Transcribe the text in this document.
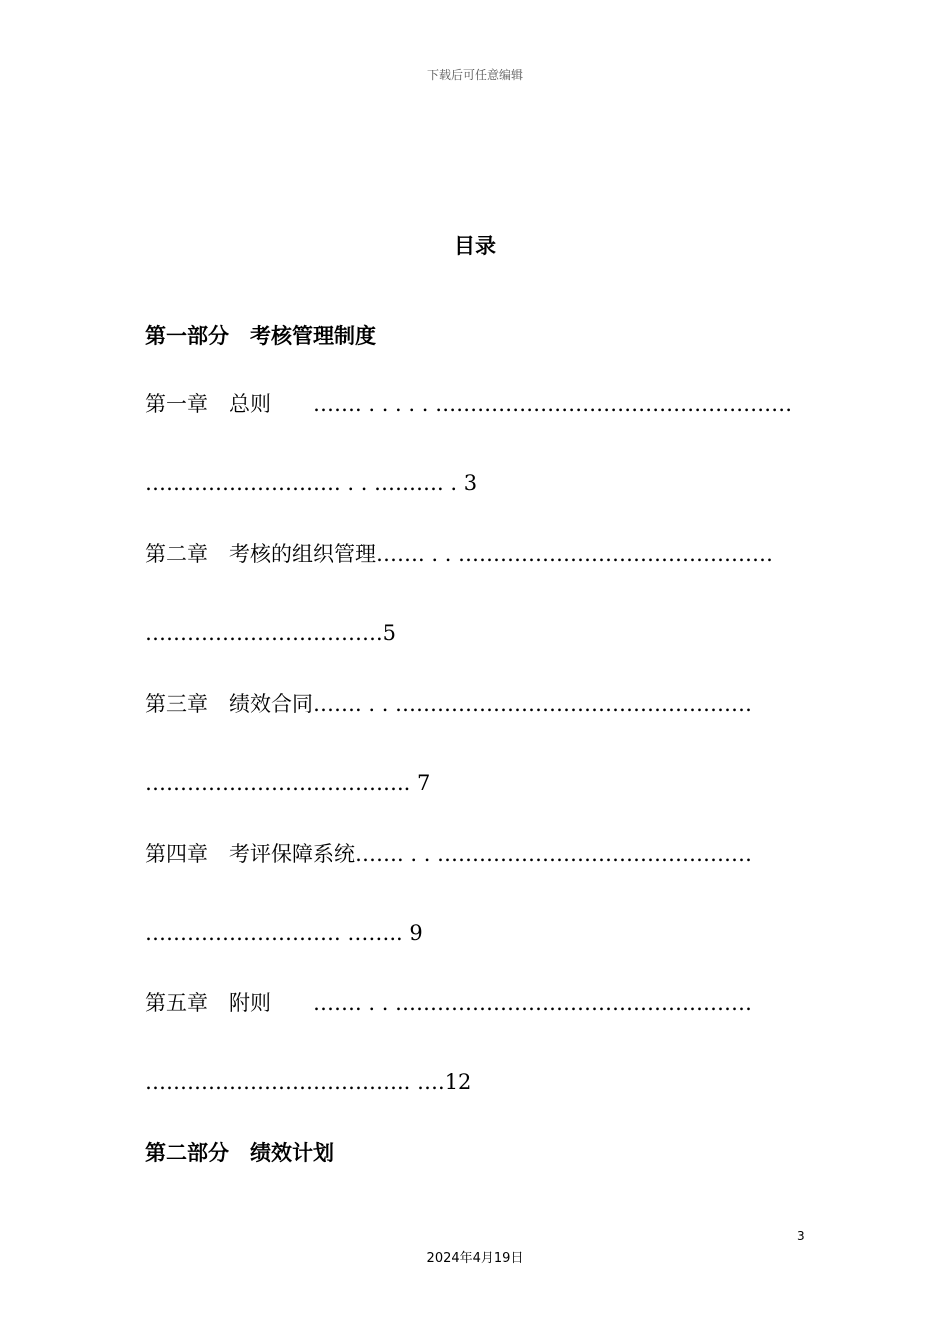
下载后可任意编辑
目录
第一部分　考核管理制度
第一章　总则　　……. . . . . . ……………………………………………
………………………. . . ………. . 3
第二章　考核的组织管理……. . . ………………………………………
…………………………….5
第三章　绩效合同……. . . ……………………………………………
……………………………….. 7
第四章　考评保障系统……. . . ………………………………………
………………………. …….. 9
第五章　附则　　……. . . ……………………………………………
……………………………….. ….12
第二部分　绩效计划
3
2024年4月19日
